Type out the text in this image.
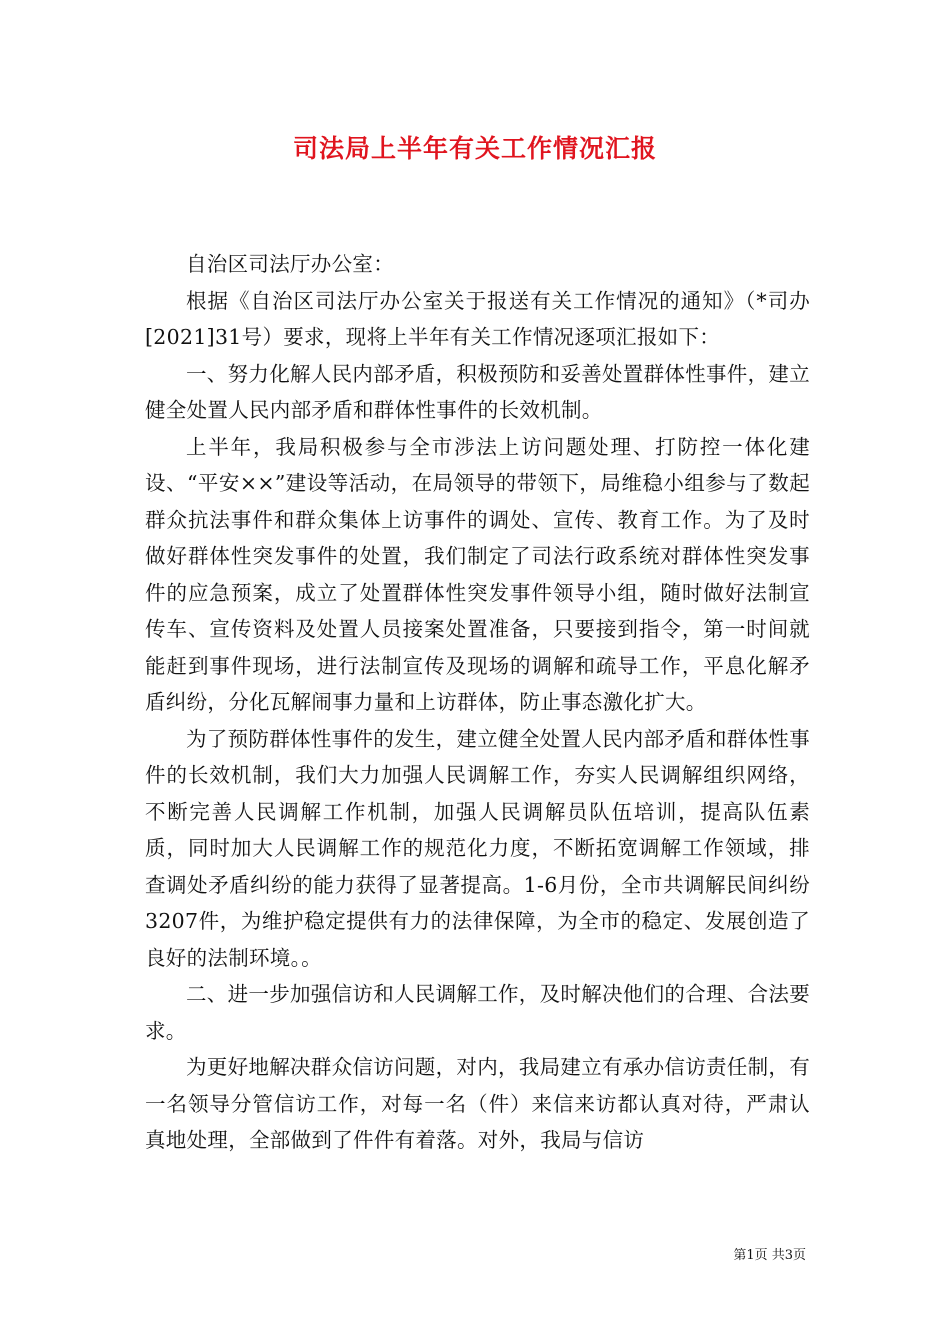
司法局上半年有关工作情况汇报

自治区司法厅办公室：

根据《自治区司法厅办公室关于报送有关工作情况的通知》（*司办[2021]31号）要求，现将上半年有关工作情况逐项汇报如下：

一、努力化解人民内部矛盾，积极预防和妥善处置群体性事件，建立健全处置人民内部矛盾和群体性事件的长效机制。

上半年，我局积极参与全市涉法上访问题处理、打防控一体化建设、“平安××”建设等活动，在局领导的带领下，局维稳小组参与了数起群众抗法事件和群众集体上访事件的调处、宣传、教育工作。为了及时做好群体性突发事件的处置，我们制定了司法行政系统对群体性突发事件的应急预案，成立了处置群体性突发事件领导小组，随时做好法制宣传车、宣传资料及处置人员接案处置准备，只要接到指令，第一时间就能赶到事件现场，进行法制宣传及现场的调解和疏导工作，平息化解矛盾纠纷，分化瓦解闹事力量和上访群体，防止事态激化扩大。

为了预防群体性事件的发生，建立健全处置人民内部矛盾和群体性事件的长效机制，我们大力加强人民调解工作，夯实人民调解组织网络，不断完善人民调解工作机制，加强人民调解员队伍培训，提高队伍素质，同时加大人民调解工作的规范化力度，不断拓宽调解工作领域，排查调处矛盾纠纷的能力获得了显著提高。1-6月份，全市共调解民间纠纷3207件，为维护稳定提供有力的法律保障，为全市的稳定、发展创造了良好的法制环境。。

二、进一步加强信访和人民调解工作，及时解决他们的合理、合法要求。

为更好地解决群众信访问题，对内，我局建立有承办信访责任制，有一名领导分管信访工作，对每一名（件）来信来访都认真对待，严肃认真地处理，全部做到了件件有着落。对外，我局与信访

第1页 共3页
